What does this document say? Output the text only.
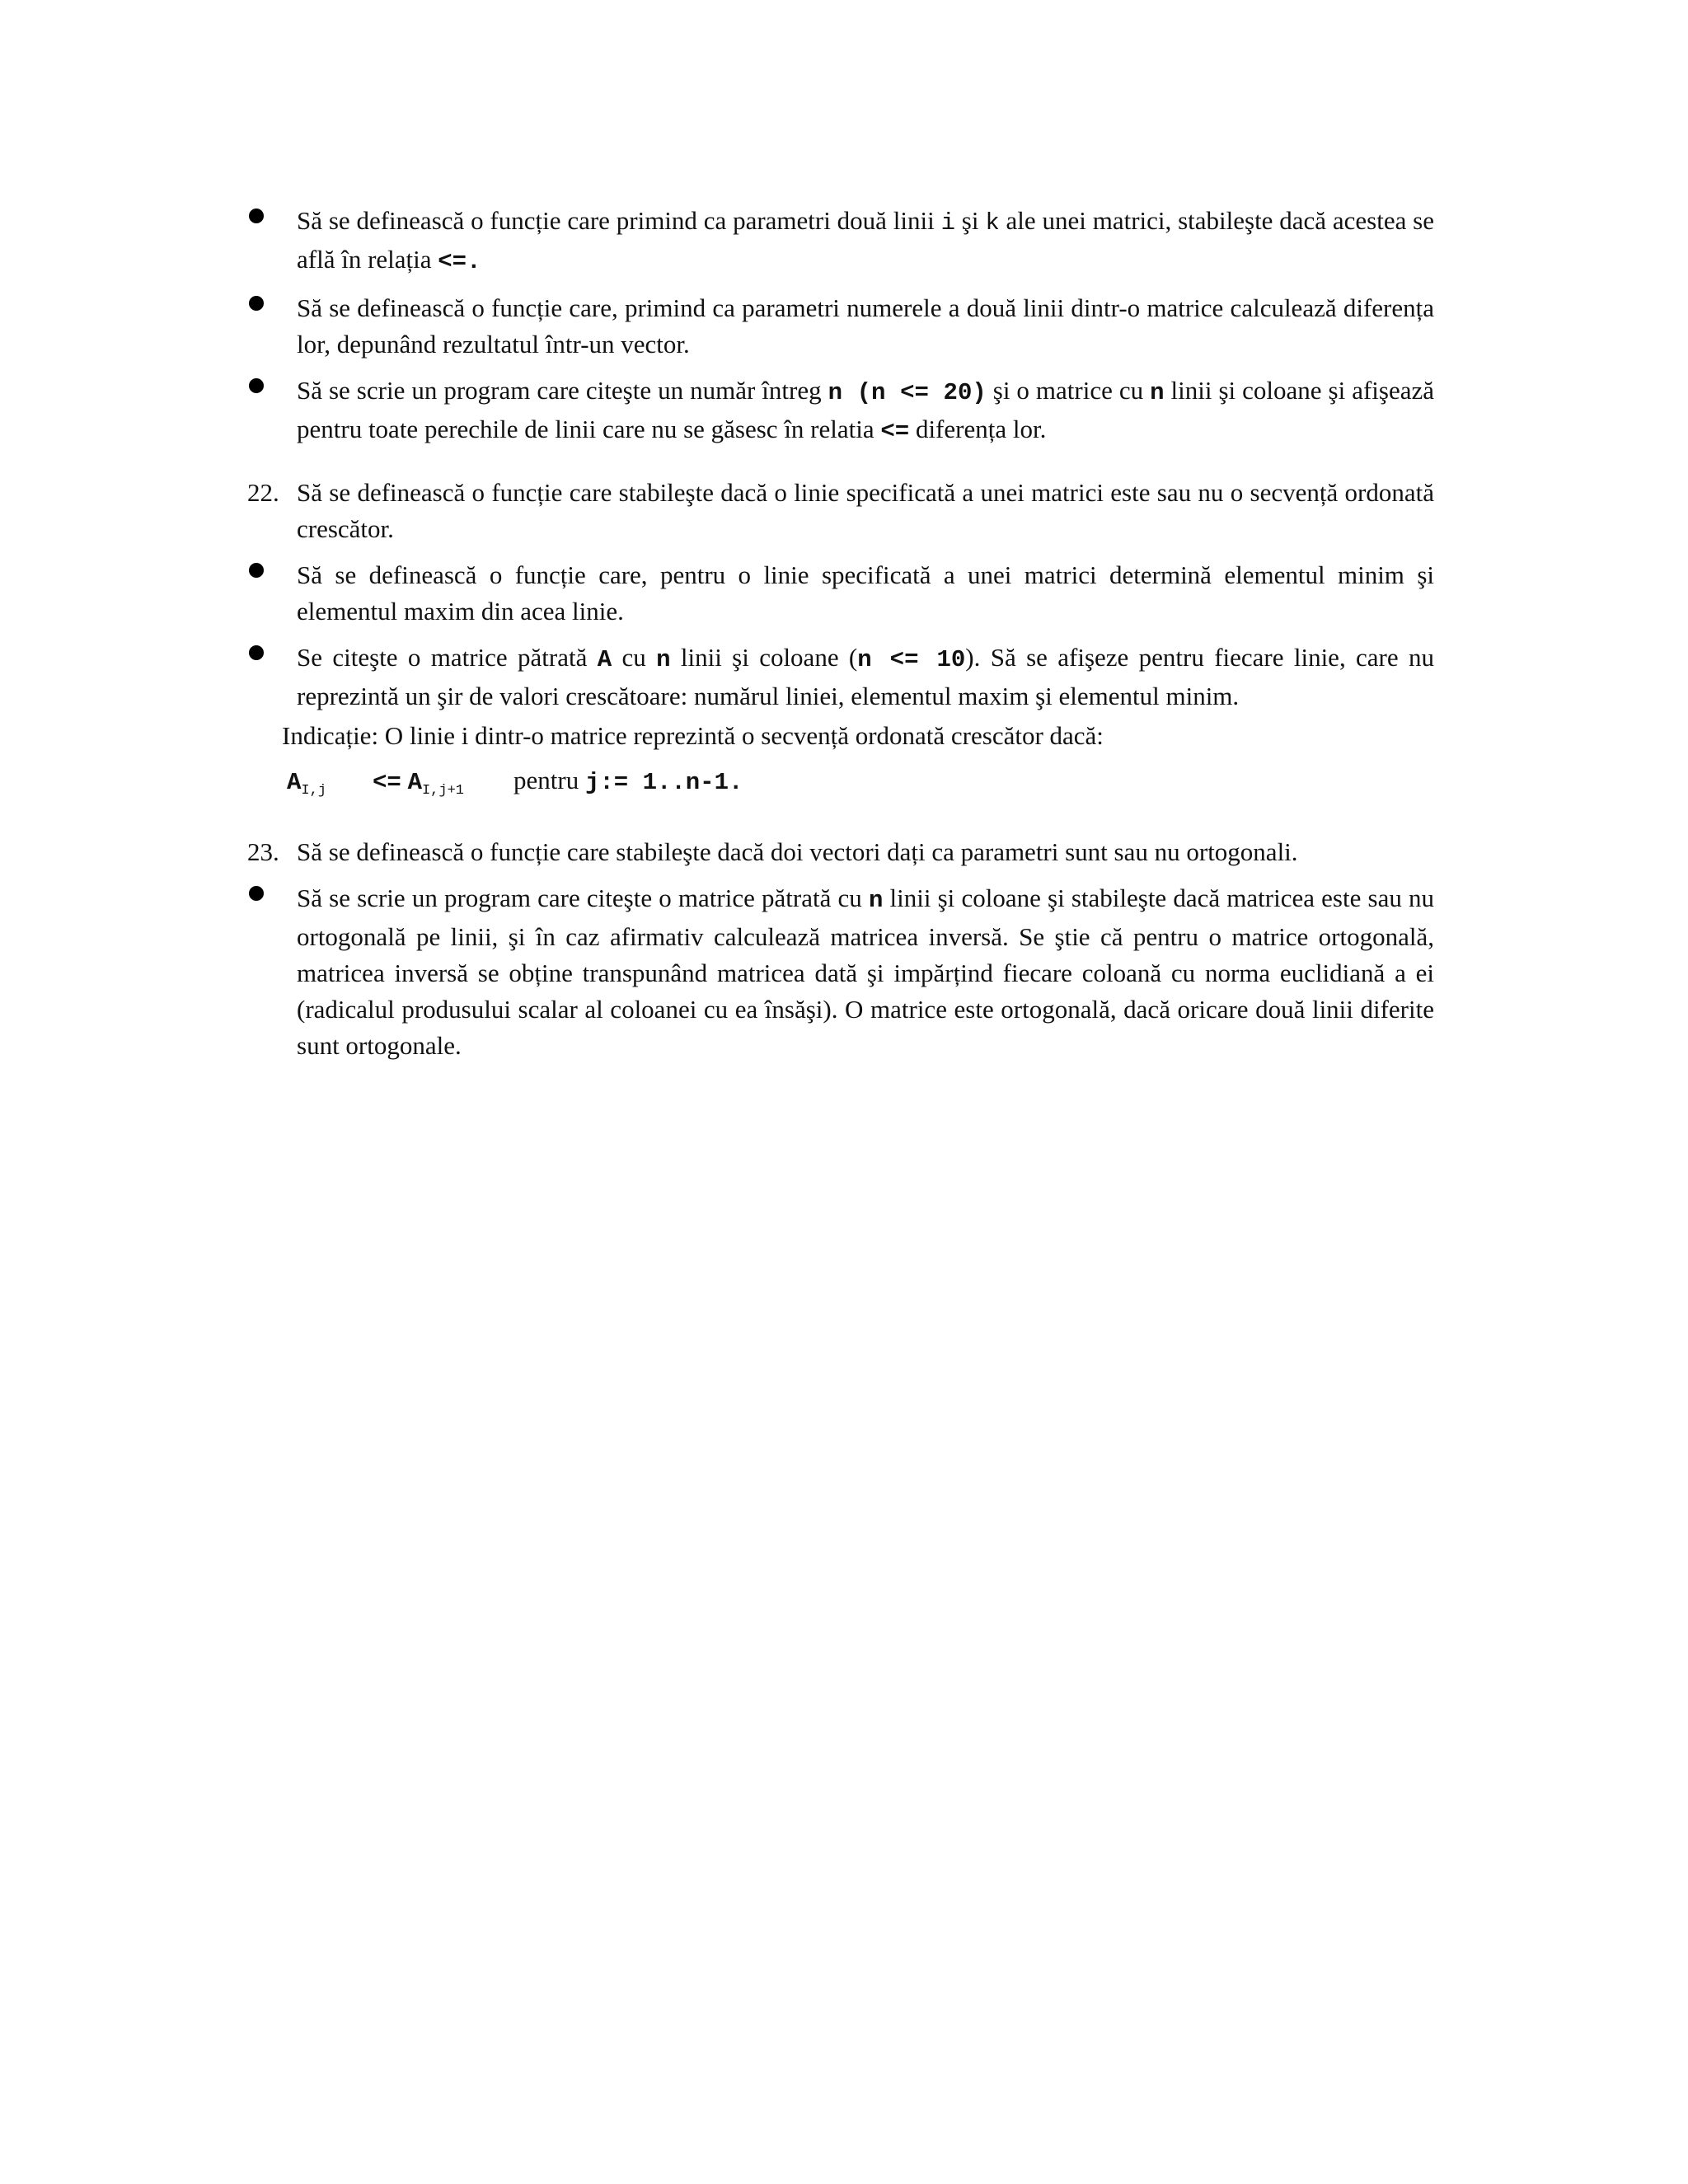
Să se definească o funcție care primind ca parametri două linii i şi k ale unei matrici, stabileşte dacă acestea se află în relația <=.
Să se definească o funcție care, primind ca parametri numerele a două linii dintr-o matrice calculează diferența lor, depunând rezultatul într-un vector.
Să se scrie un program care citeşte un număr întreg n (n <= 20) şi o matrice cu n linii şi coloane şi afişează pentru toate perechile de linii care nu se găsesc în relatia <= diferența lor.
22. Să se definească o funcție care stabileşte dacă o linie specificată a unei matrici este sau nu o secvență ordonată crescător.
Să se definească o funcție care, pentru o linie specificată a unei matrici determină elementul minim şi elementul maxim din acea linie.
Se citeşte o matrice pătrată A cu n linii şi coloane (n <= 10). Să se afişeze pentru fiecare linie, care nu reprezintă un şir de valori crescătoare: numărul liniei, elementul maxim şi elementul minim.
Indicație: O linie i dintr-o matrice reprezintă o secvență ordonată crescător dacă:
$A_{I,j} <= A_{I,j+1}$ pentru j:= 1..n-1.
23. Să se definească o funcție care stabileşte dacă doi vectori dați ca parametri sunt sau nu ortogonali.
Să se scrie un program care citeşte o matrice pătrată cu n linii şi coloane şi stabileşte dacă matricea este sau nu ortogonală pe linii, şi în caz afirmativ calculează matricea inversă. Se ştie că pentru o matrice ortogonală, matricea inversă se obține transpunând matricea dată şi impărțind fiecare coloană cu norma euclidiană a ei (radicalul produsului scalar al coloanei cu ea însăşi). O matrice este ortogonală, dacă oricare două linii diferite sunt ortogonale.
